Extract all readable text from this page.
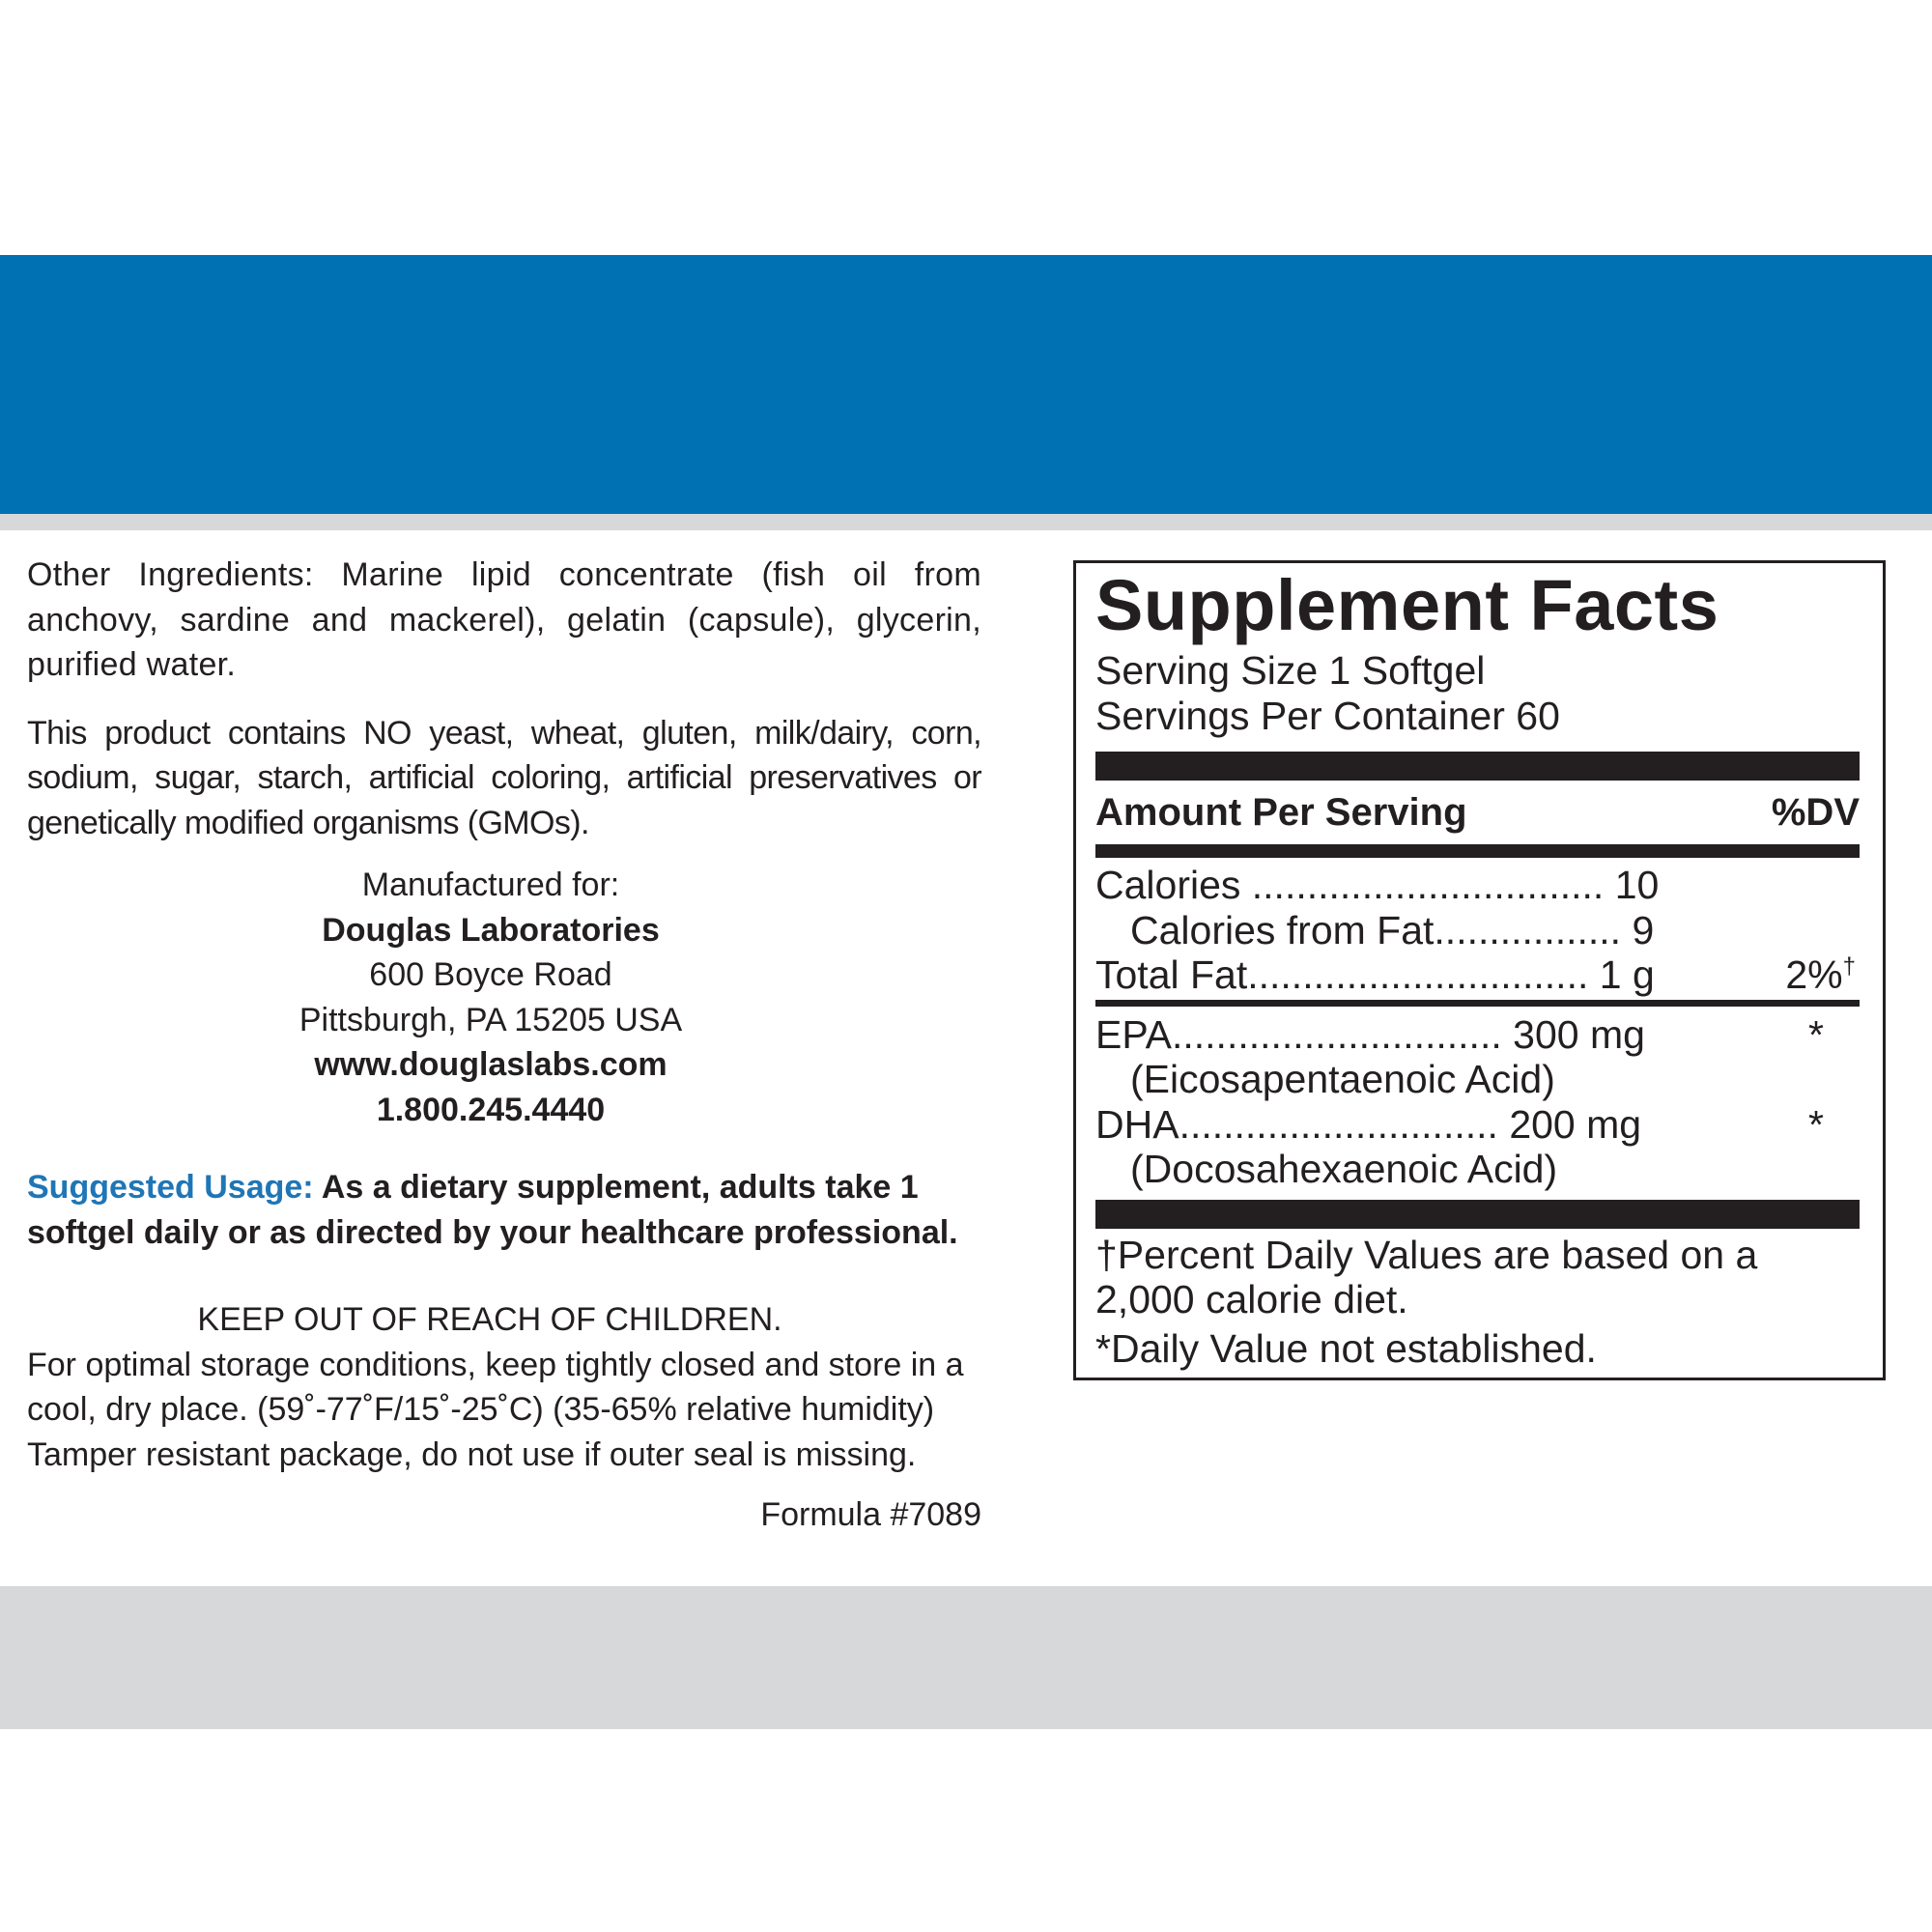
Other Ingredients: Marine lipid concentrate (fish oil from anchovy, sardine and mackerel), gelatin (capsule), glycerin, purified water.

This product contains NO yeast, wheat, gluten, milk/dairy, corn, sodium, sugar, starch, artificial coloring, artificial preservatives or genetically modified organisms (GMOs).

Manufactured for:
Douglas Laboratories
600 Boyce Road
Pittsburgh, PA 15205 USA
www.douglaslabs.com
1.800.245.4440

Suggested Usage: As a dietary supplement, adults take 1 softgel daily or as directed by your healthcare professional.

KEEP OUT OF REACH OF CHILDREN.

For optimal storage conditions, keep tightly closed and store in a cool, dry place. (59˚-77˚F/15˚-25˚C) (35-65% relative humidity)

Tamper resistant package, do not use if outer seal is missing.

Formula #7089

Supplement Facts
Serving Size 1 Softgel
Servings Per Container 60
Amount Per Serving	%DV
Calories ................................ 10
Calories from Fat................. 9
Total Fat............................... 1 g	2%†
EPA.............................. 300 mg	*
(Eicosapentaenoic Acid)
DHA............................. 200 mg	*
(Docosahexaenoic Acid)
†Percent Daily Values are based on a 2,000 calorie diet.
*Daily Value not established.
